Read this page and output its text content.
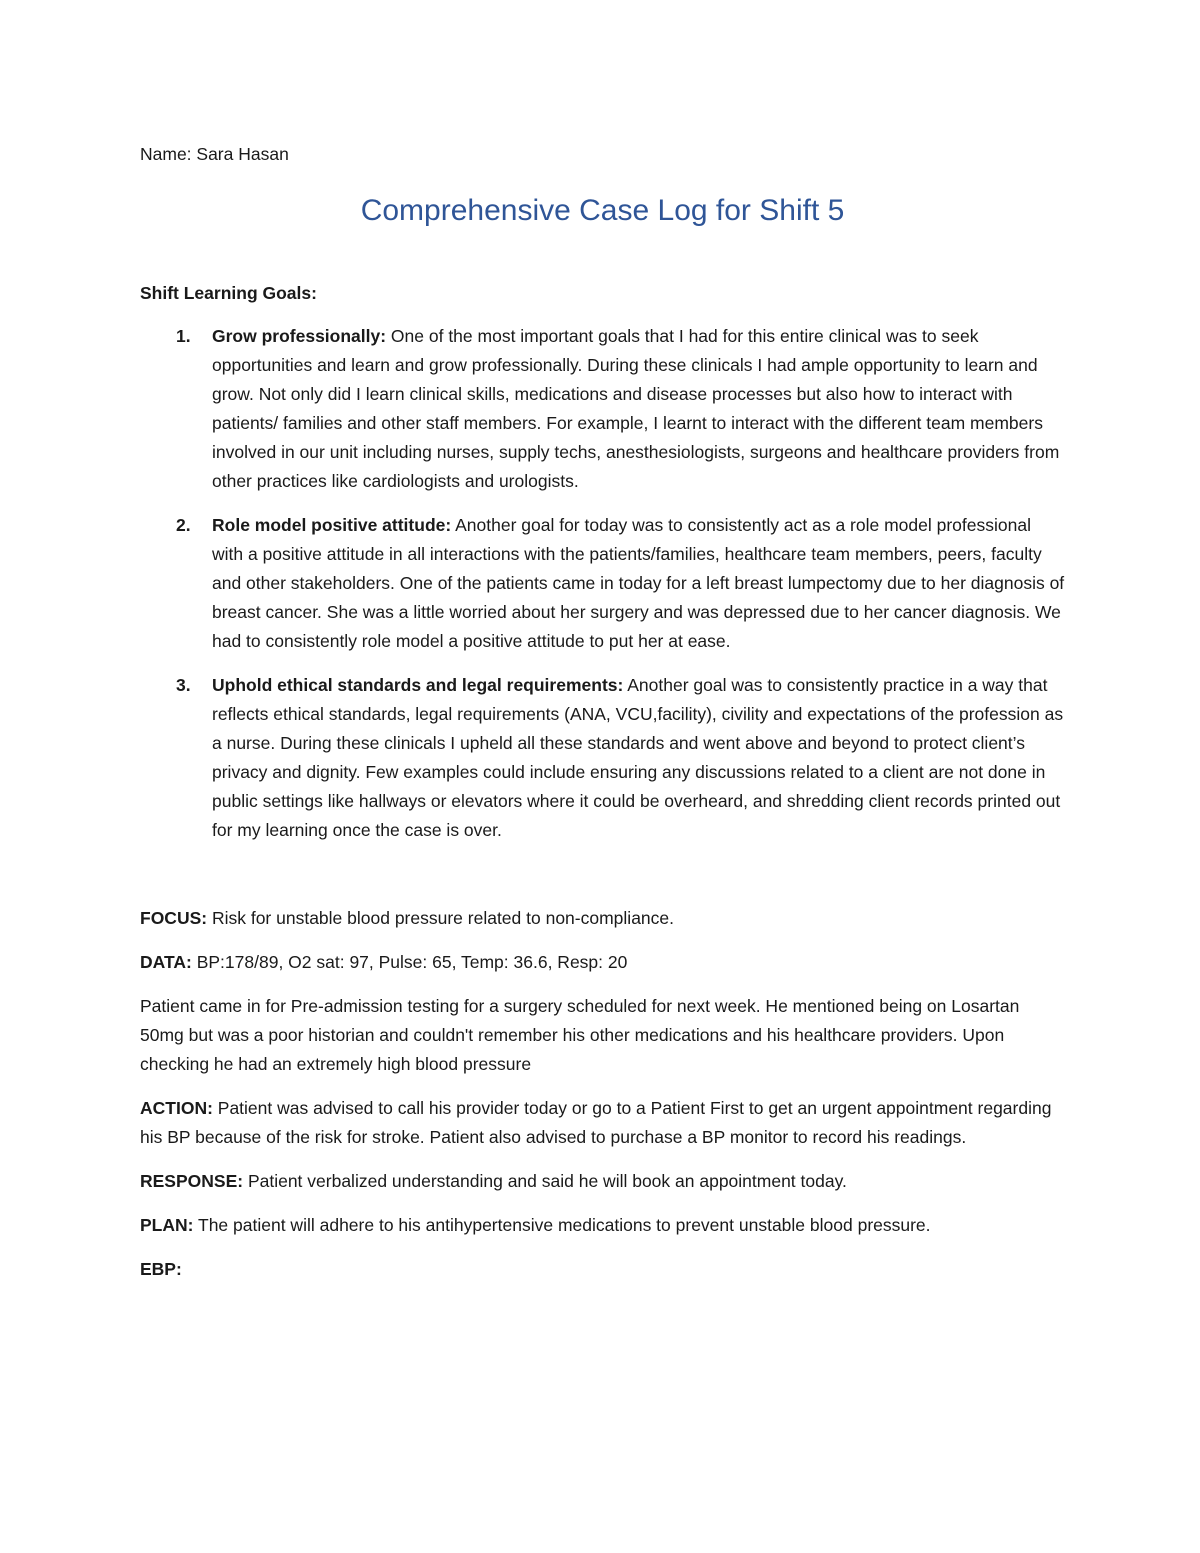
Name: Sara Hasan

Comprehensive Case Log for Shift 5

Shift Learning Goals:

1. Grow professionally: One of the most important goals that I had for this entire clinical was to seek opportunities and learn and grow professionally. During these clinicals I had ample opportunity to learn and grow. Not only did I learn clinical skills, medications and disease processes but also how to interact with patients/ families and other staff members. For example, I learnt to interact with the different team members involved in our unit including nurses, supply techs, anesthesiologists, surgeons and healthcare providers from other practices like cardiologists and urologists.
2. Role model positive attitude: Another goal for today was to consistently act as a role model professional with a positive attitude in all interactions with the patients/families, healthcare team members, peers, faculty and other stakeholders. One of the patients came in today for a left breast lumpectomy due to her diagnosis of breast cancer. She was a little worried about her surgery and was depressed due to her cancer diagnosis. We had to consistently role model a positive attitude to put her at ease.
3. Uphold ethical standards and legal requirements: Another goal was to consistently practice in a way that reflects ethical standards, legal requirements (ANA, VCU,facility), civility and expectations of the profession as a nurse. During these clinicals I upheld all these standards and went above and beyond to protect client’s privacy and dignity. Few examples could include ensuring any discussions related to a client are not done in public settings like hallways or elevators where it could be overheard, and shredding client records printed out for my learning once the case is over.

FOCUS: Risk for unstable blood pressure related to non-compliance.

DATA: BP:178/89, O2 sat: 97, Pulse: 65, Temp: 36.6, Resp: 20

Patient came in for Pre-admission testing for a surgery scheduled for next week. He mentioned being on Losartan 50mg but was a poor historian and couldn't remember his other medications and his healthcare providers. Upon checking he had an extremely high blood pressure

ACTION: Patient was advised to call his provider today or go to a Patient First to get an urgent appointment regarding his BP because of the risk for stroke. Patient also advised to purchase a BP monitor to record his readings.

RESPONSE: Patient verbalized understanding and said he will book an appointment today.

PLAN: The patient will adhere to his antihypertensive medications to prevent unstable blood pressure.

EBP:
